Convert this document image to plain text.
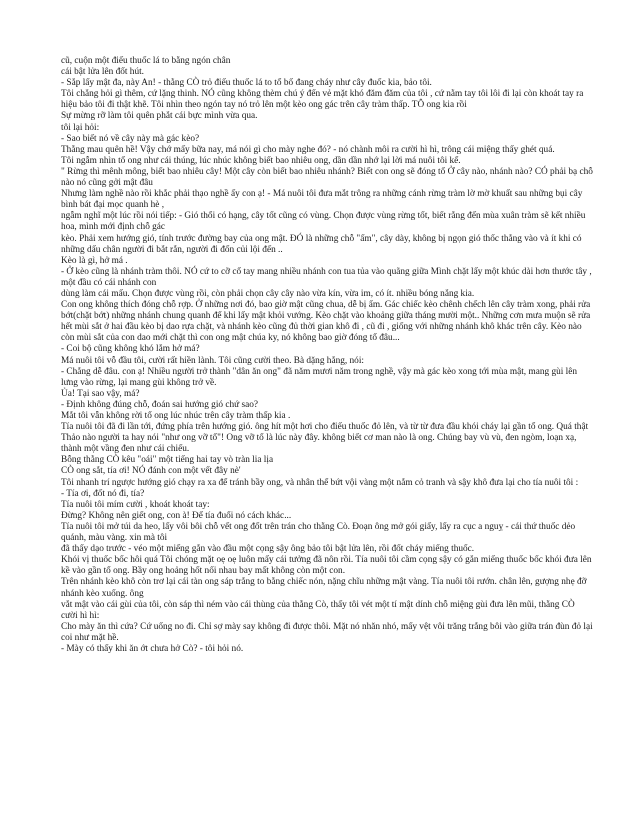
cũ, cuộn một điếu thuốc lá to bằng ngón chân

cái bật lửa lên đốt hút.

- Sắp lấy mật đa, này An! - thằng CÒ trỏ điếu thuốc lá to tổ bố đang cháy như cây đuốc kia, bảo tôi.

Tôi chẳng hỏi gì thêm, cứ lặng thinh. NÓ cũng không thèm chú ý đến vẻ mặt khó đăm đăm của tôi , cứ nằm tay tôi lôi đi lại còn khoát tay ra hiệu bảo tôi đi thật khẽ. Tôi nhìn theo ngón tay nó trỏ lên một kèo ong gác trên cây tràm thấp. TÔ ong kia rồi

Sự mừng rỡ làm tôi quên phắt cái bực mình vừa qua.

tôi lại hỏi:

- Sao biết nó về cây này mà gác kèo?

Thằng mau quên hề! Vậy chớ mấy bữa nay, má nói gì cho mày nghe đó? - nó chành môi ra cười hì hì, trông cái miệng thấy ghét quá.

Tôi ngẫm nhìn tổ ong như cái thúng, lúc nhúc không biết bao nhiêu ong, dần dần nhớ lại lời má nuôi tôi kể.

" Rừng thì mênh mông, biết bao nhiêu cây! Một cây còn biết bao nhiêu nhánh? Biết con ong sẽ đóng tổ Ở cây nào, nhánh nào? CÓ phải bạ chỗ nào nó cũng gởi mật đâu

Nhưng làm nghề nào rồi khắc phải thạo nghề ấy con ạ! - Má nuôi tôi đưa mắt trông ra những cánh rừng tràm lờ mờ khuất sau những bụi cây bình bát đại mọc quanh hè ,

ngẫm nghĩ một lúc rồi nói tiếp: - Gió thổi có hạng, cây tốt cũng có vùng. Chọn được vùng rừng tốt, biết rằng đến mùa xuân tràm sẽ kết nhiều hoa, mình mới định chỗ gác

kèo. Phải xem hướng gió, tính trước đường bay của ong mật. ĐÓ là những chỗ "ấm", cây dày, không bị ngọn gió thốc thẳng vào và ít khi có những dấu chân người đi bắt rắn, người đi đốn củi lội đến ..

Kèo là gì, hở má .

- Ở kèo cũng là nhánh tràm thôi. NÓ cứ to cỡ cổ tay mang nhiều nhánh con tua tủa vào quãng giữa Mình chặt lấy một khúc dài hơn thước tây , một đầu có cái nhánh con

dùng làm cái mấu. Chọn được vùng rồi, còn phải chọn cây cây nào vừa kín, vừa im, có ít. nhiều bóng nắng kia.

Con ong không thích đóng chỗ rợp. Ở những nơi đó, bao giờ mật cũng chua, dễ bị ẩm. Gác chiếc kèo chênh chếch lên cây tràm xong, phải rửa bớt(chặt bớt) những nhánh chung quanh để khi lấy mật khỏi vướng. Kèo chặt vào khoảng giữa tháng mười một.. Những cơn mưa muộn sẽ rửa hết mùi sắt ở hai đầu kèo bị dao rựa chặt, và nhánh kèo cũng đủ thời gian khô đi , cũ đi , giống với những nhánh khô khác trên cây. Kèo nào còn mùi sắt của con dao mới chặt thì con ong mật chúa ky, nó không bao giờ đóng tổ đâu...

- Coi bộ cũng không khó lắm hở má?

Má nuôi tôi vỗ đầu tôi, cười rất hiền lành. Tôi cũng cười theo. Bà dặng hắng, nói:

- Chẳng dễ đâu. con ạ! Nhiều người trở thành "dân ăn ong" đã năm mươi năm trong nghề, vậy mà gác kèo xong tới mùa mật, mang gùi lên lưng vào rừng, lại mang gùi không trở về.

Ủa! Tại sao vậy, má?

- Định không đúng chỗ, đoán sai hướng gió chứ sao?

Mắt tôi vẫn không rời tổ ong lúc nhúc trên cây tràm thấp kia .

Tía nuôi tôi đã đi lần tới, đứng phía trên hướng gió. ông hít một hơi cho điếu thuốc đỏ lên, và từ từ đưa đầu khói cháy lại gần tổ ong. Quá thật Thảo nào người ta hay nói "như ong vỡ tổ"! Ong vỡ tổ là lúc này đây. không biết cơ man nào là ong. Chúng bay vù vù, đen ngòm, loạn xạ, thành một vầng đen như cái chiếu.

Bỗng thằng CÒ kêu "oái" một tiếng hai tay vò tràn lia lịa

CÒ ong sắt, tía ơi! NÓ đánh con một vết đây nè'

Tôi nhanh trí ngược hướng gió chạy ra xa để tránh bầy ong, và nhân thể bứt vội vàng một nắm cỏ tranh và sậy khô đưa lại cho tía nuôi tôi :

- Tía ơi, đốt nó đi, tía?

Tía nuôi tôi mím cười , khoát khoát tay:

Đừng? Không nên giết ong, con à! Để tía đuổi nó cách khác...

Tía nuôi tôi mở túi da heo, lấy vôi bôi chỗ vết ong đốt trên trán cho thằng Cò. Đoạn ông mở gói giấy, lấy ra cục a nguỵ - cái thứ thuốc dẻo quánh, màu vàng. xin mà tôi

đã thấy dạo trước - véo một miếng gắn vào đầu một cọng sậy ông bảo tôi bật lửa lên, rồi đốt cháy miếng thuốc.

Khói vị thuốc bốc hôi quá Tôi chóng mặt oẹ oẹ luôn mấy cái tưởng đã nôn rồi. Tía nuôi tôi cầm cọng sậy có gắn miếng thuốc bốc khói đưa lên kề vào gần tổ ong. Bầy ong hoảng hốt nối nhau bay mất không còn một con.

Trên nhánh kèo khô còn trơ lại cái tàn ong sáp trắng to bằng chiếc nón, nặng chĩu những mật vàng. Tía nuôi tôi rướn. chân lên, gượng nhẹ đỡ nhánh kèo xuống. ông

vắt mật vào cái gùi của tôi, còn sáp thì ném vào cái thùng của thằng Cò, thấy tôi vét một tí mật dính chỗ miệng gùi đưa lên mũi, thằng CÒ cười hì hì:

Cho mày ăn thì cứa? Cứ uống no đi. Chỉ sợ mày say không đi được thôi. Mặt nó nhăn nhó, mấy vệt vôi trăng trắng bôi vào giữa trán đùn đỏ lại coi như mặt hề.

- Mày có thấy khi ăn ớt chưa hở Cò? - tôi hỏi nó.
